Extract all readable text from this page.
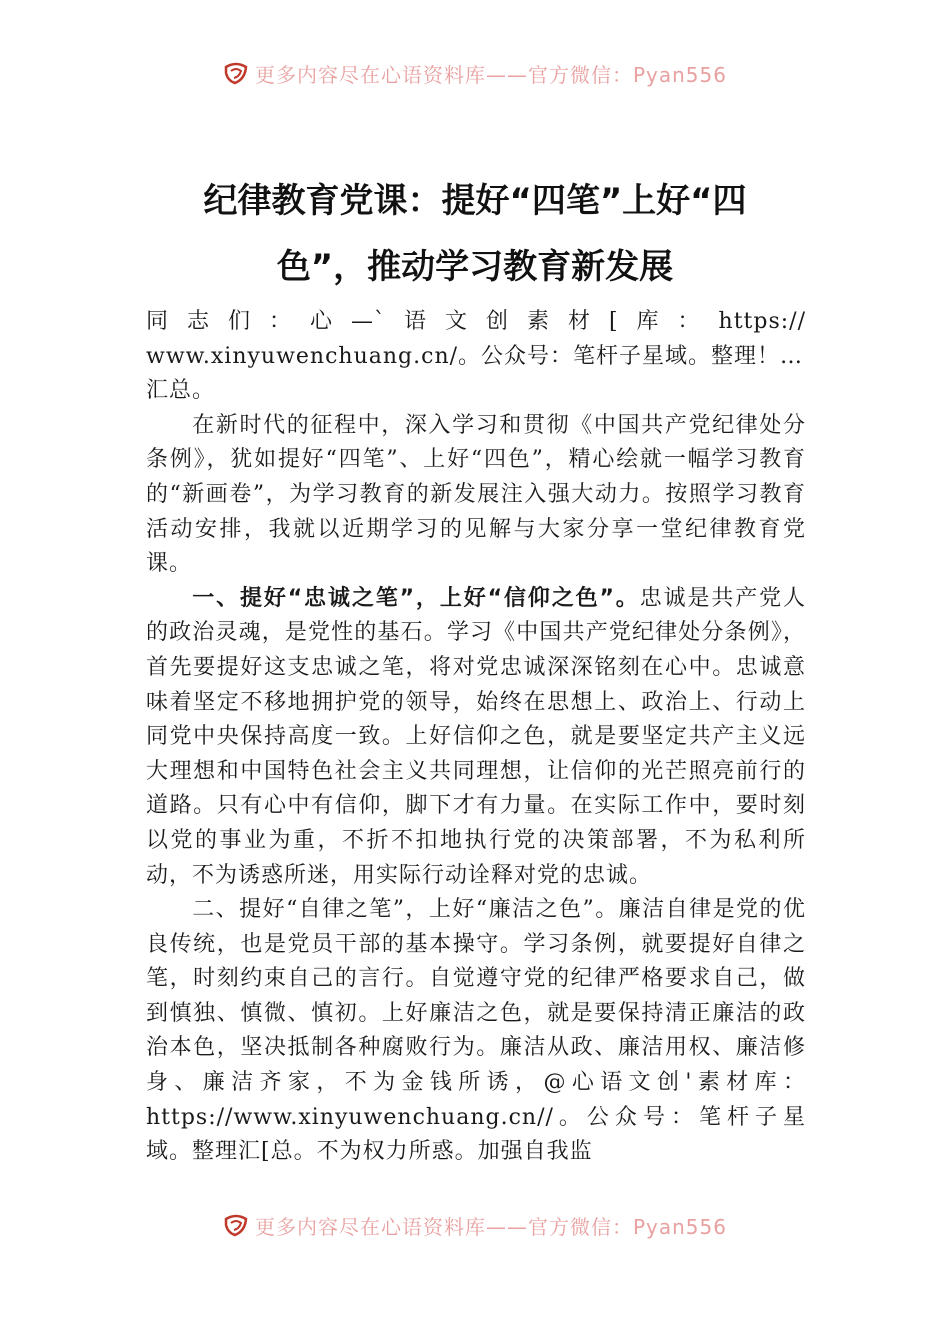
更多内容尽在心语资料库——官方微信：Pyan556
纪律教育党课：提好“四笔”上好“四
色”，推动学习教育新发展

同志们：心—`语文创素材[库：https://

www.xinyuwenchuang.cn/。公众号：笔杆子星域。整理！…

汇总。

在新时代的征程中，深入学习和贯彻《中国共产党纪律处分条例》，犹如提好“四笔”、上好“四色”，精心绘就一幅学习教育的“新画卷”，为学习教育的新发展注入强大动力。按照学习教育活动安排，我就以近期学习的见解与大家分享一堂纪律教育党课。

一、提好“忠诚之笔”，上好“信仰之色”。忠诚是共产党人的政治灵魂，是党性的基石。学习《中国共产党纪律处分条例》，首先要提好这支忠诚之笔，将对党忠诚深深铭刻在心中。忠诚意味着坚定不移地拥护党的领导，始终在思想上、政治上、行动上同党中央保持高度一致。上好信仰之色，就是要坚定共产主义远大理想和中国特色社会主义共同理想，让信仰的光芒照亮前行的道路。只有心中有信仰，脚下才有力量。在实际工作中，要时刻以党的事业为重，不折不扣地执行党的决策部署，不为私利所动，不为诱惑所迷，用实际行动诠释对党的忠诚。

二、提好“自律之笔”，上好“廉洁之色”。廉洁自律是党的优良传统，也是党员干部的基本操守。学习条例，就要提好自律之笔，时刻约束自己的言行。自觉遵守党的纪律严格要求自己，做到慎独、慎微、慎初。上好廉洁之色，就是要保持清正廉洁的政治本色，坚决抵制各种腐败行为。廉洁从政、廉洁用权、廉洁修身、廉洁齐家，不为金钱所诱，@心语文创'素材库：https://www.xinyuwenchuang.cn//。公众号：笔杆子星域。整理汇[总。不为权力所惑。加强自我监

更多内容尽在心语资料库——官方微信：Pyan556
